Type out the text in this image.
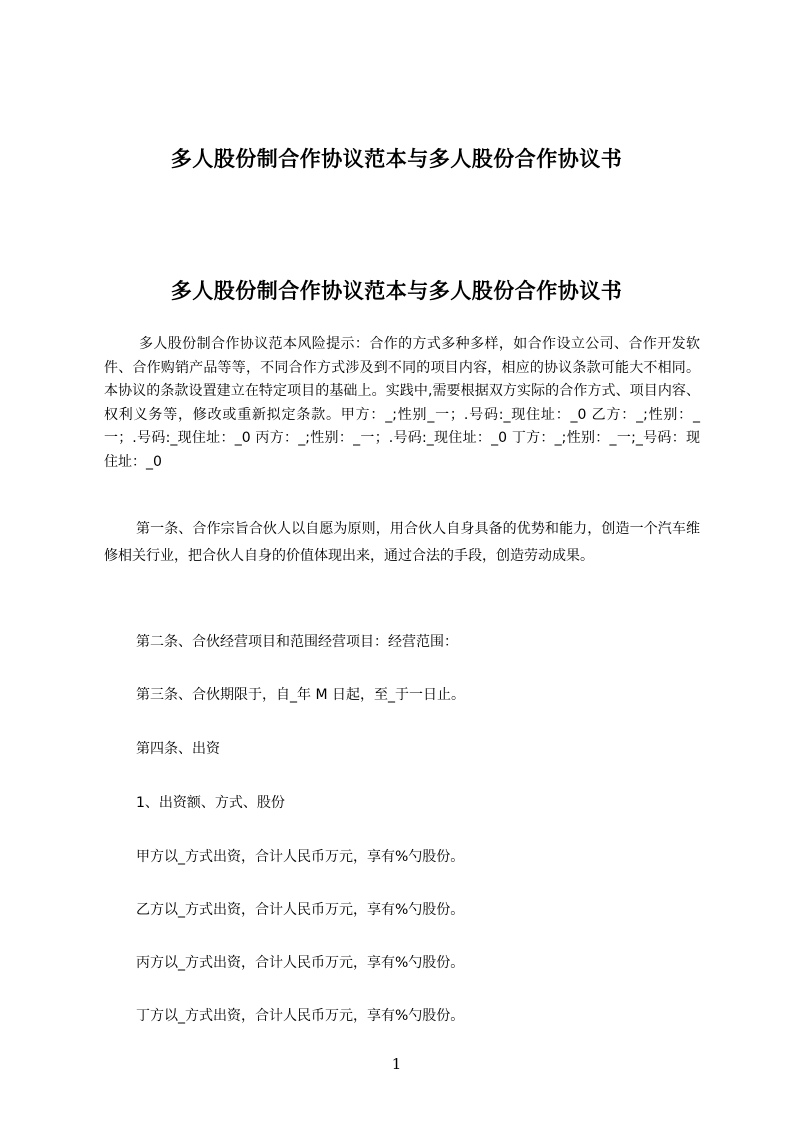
多人股份制合作协议范本与多人股份合作协议书
多人股份制合作协议范本与多人股份合作协议书

多人股份制合作协议范本风险提示：合作的方式多种多样，如合作设立公司、合作开发软件、合作购销产品等等，不同合作方式涉及到不同的项目内容，相应的协议条款可能大不相同。本协议的条款设置建立在特定项目的基础上。实践中,需要根据双方实际的合作方式、项目内容、权利义务等，修改或重新拟定条款。甲方：_;性别_一；.号码:_现住址：_0 乙方：_;性别：_一；.号码:_现住址：_0 丙方：_;性别：_一；.号码:_现住址：_0 丁方：_;性别：_一;_号码：现住址：_0

第一条、合作宗旨合伙人以自愿为原则，用合伙人自身具备的优势和能力，创造一个汽车维修相关行业，把合伙人自身的价值体现出来，通过合法的手段，创造劳动成果。

第二条、合伙经营项目和范围经营项目：经营范围：

第三条、合伙期限于，自_年 M 日起，至_于一日止。

第四条、出资

1、出资额、方式、股份

甲方以_方式出资，合计人民币万元，享有%勺股份。

乙方以_方式出资，合计人民币万元，享有%勺股份。

丙方以_方式出资，合计人民币万元，享有%勺股份。

丁方以_方式出资，合计人民币万元，享有%勺股份。

1
